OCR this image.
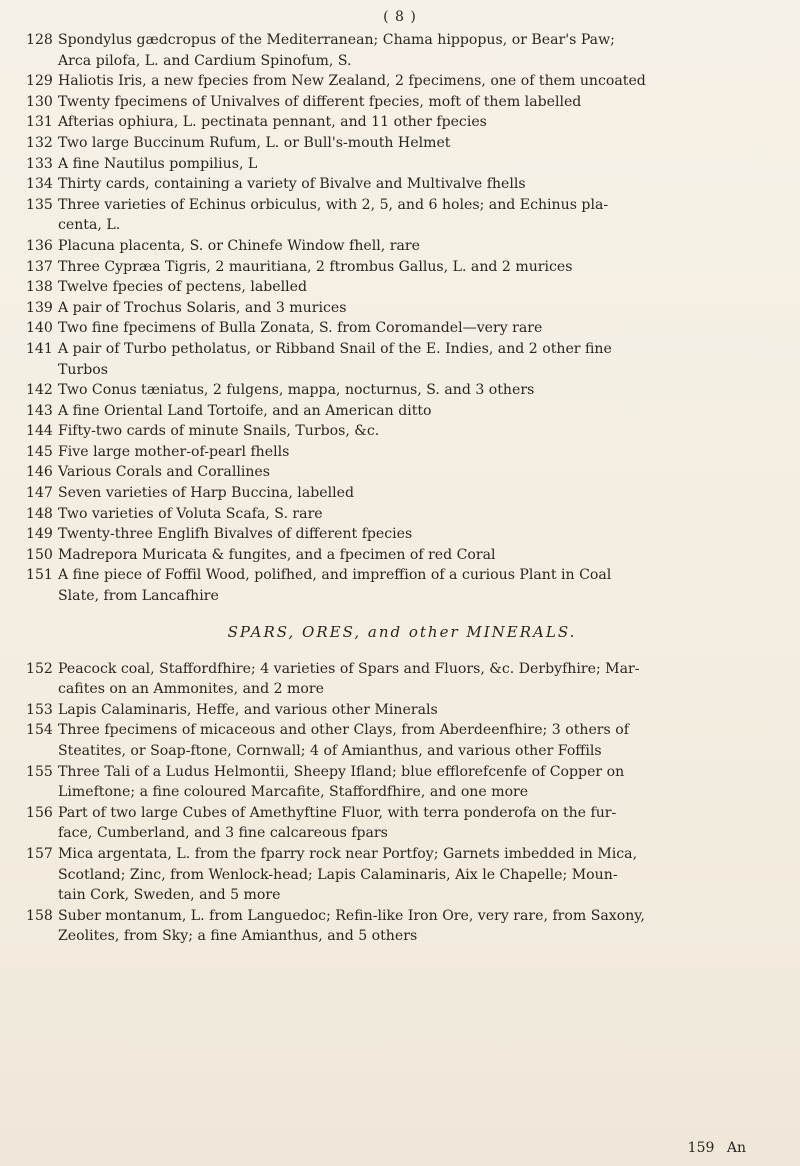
( 8 )
128 Spondylus gædcropus of the Mediterranean; Chama hippopus, or Bear's Paw;
Arca pilofa, L. and Cardium Spinofum, S.
129 Haliotis Iris, a new fpecies from New Zealand, 2 fpecimens, one of them uncoated
130 Twenty fpecimens of Univalves of different fpecies, moft of them labelled
131 Afterias ophiura, L. pectinata pennant, and 11 other fpecies
132 Two large Buccinum Rufum, L. or Bull's-mouth Helmet
133 A fine Nautilus pompilius, L
134 Thirty cards, containing a variety of Bivalve and Multivalve fhells
135 Three varieties of Echinus orbiculus, with 2, 5, and 6 holes; and Echinus pla-
centa, L.
136 Placuna placenta, S. or Chinefe Window fhell, rare
137 Three Cypræa Tigris, 2 mauritiana, 2 ftrombus Gallus, L. and 2 murices
138 Twelve fpecies of pectens, labelled
139 A pair of Trochus Solaris, and 3 murices
140 Two fine fpecimens of Bulla Zonata, S. from Coromandel—very rare
141 A pair of Turbo petholatus, or Ribband Snail of the E. Indies, and 2 other fine
Turbos
142 Two Conus tæniatus, 2 fulgens, mappa, nocturnus, S. and 3 others
143 A fine Oriental Land Tortoife, and an American ditto
144 Fifty-two cards of minute Snails, Turbos, &c.
145 Five large mother-of-pearl fhells
146 Various Corals and Corallines
147 Seven varieties of Harp Buccina, labelled
148 Two varieties of Voluta Scafa, S. rare
149 Twenty-three Englifh Bivalves of different fpecies
150 Madrepora Muricata & fungites, and a fpecimen of red Coral
151 A fine piece of Foffil Wood, polifhed, and impreffion of a curious Plant in Coal
Slate, from Lancafhire
SPARS, ORES, and other MINERALS.
152 Peacock coal, Staffordfhire; 4 varieties of Spars and Fluors, &c. Derbyfhire; Mar-
cafites on an Ammonites, and 2 more
153 Lapis Calaminaris, Heffe, and various other Minerals
154 Three fpecimens of micaceous and other Clays, from Aberdeenfhire; 3 others of
Steatites, or Soap-ftone, Cornwall; 4 of Amianthus, and various other Foffils
155 Three Tali of a Ludus Helmontii, Sheepy Ifland; blue efflorefcenfe of Copper on
Limeftone; a fine coloured Marcafite, Staffordfhire, and one more
156 Part of two large Cubes of Amethyftine Fluor, with terra ponderofa on the fur-
face, Cumberland, and 3 fine calcareous fpars
157 Mica argentata, L. from the fparry rock near Portfoy; Garnets imbedded in Mica,
Scotland; Zinc, from Wenlock-head; Lapis Calaminaris, Aix le Chapelle; Moun-
tain Cork, Sweden, and 5 more
158 Suber montanum, L. from Languedoc; Refin-like Iron Ore, very rare, from Saxony,
Zeolites, from Sky; a fine Amianthus, and 5 others
159 An
